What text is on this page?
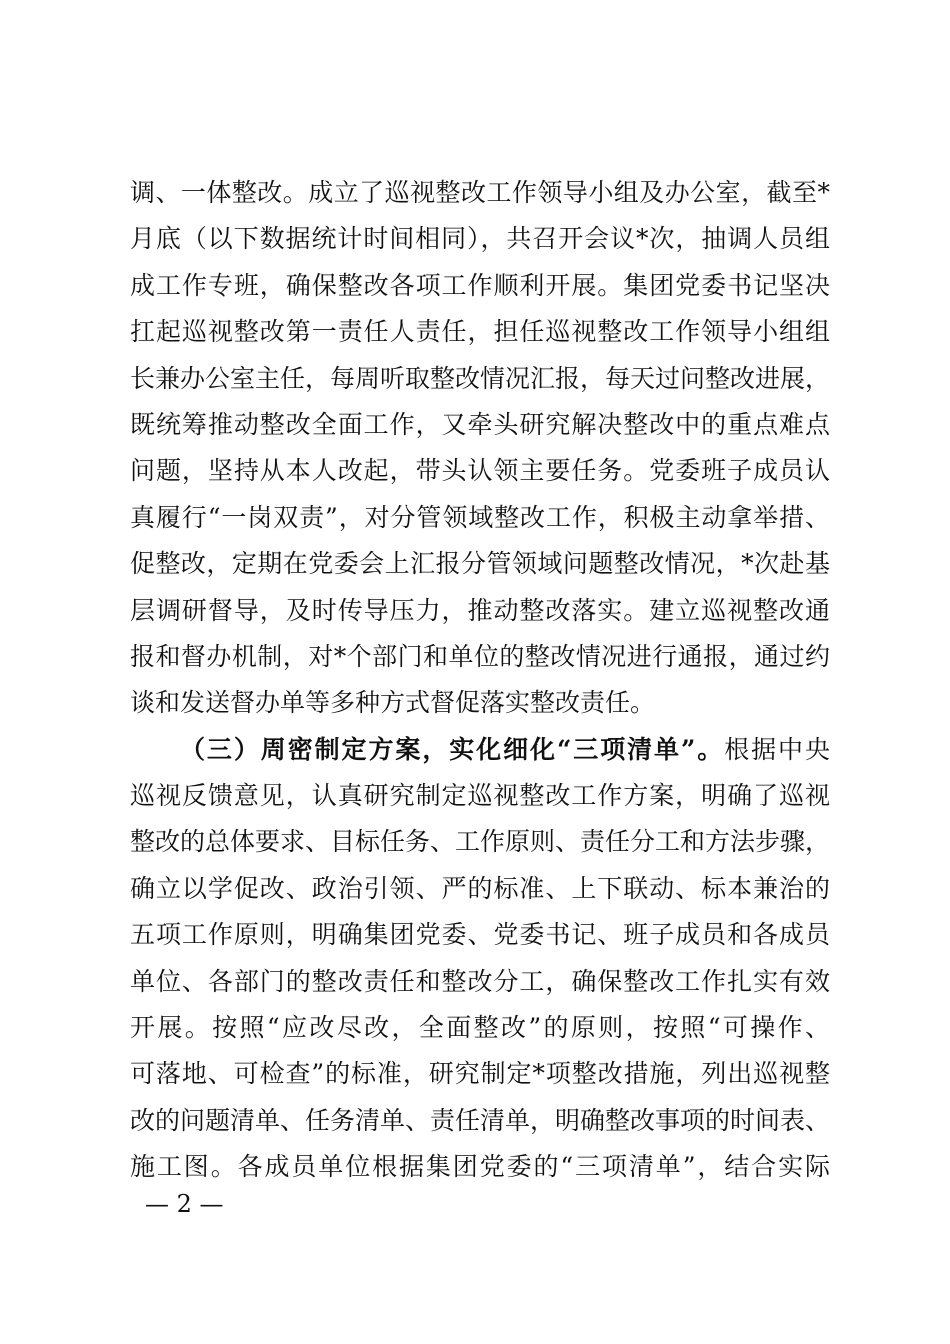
调、一体整改。成立了巡视整改工作领导小组及办公室，截至*
月底（以下数据统计时间相同），共召开会议*次，抽调人员组
成工作专班，确保整改各项工作顺利开展。集团党委书记坚决
扛起巡视整改第一责任人责任，担任巡视整改工作领导小组组
长兼办公室主任，每周听取整改情况汇报，每天过问整改进展，
既统筹推动整改全面工作，又牵头研究解决整改中的重点难点
问题，坚持从本人改起，带头认领主要任务。党委班子成员认
真履行“一岗双责”，对分管领域整改工作，积极主动拿举措、
促整改，定期在党委会上汇报分管领域问题整改情况，*次赴基
层调研督导，及时传导压力，推动整改落实。建立巡视整改通
报和督办机制，对*个部门和单位的整改情况进行通报，通过约
谈和发送督办单等多种方式督促落实整改责任。
（三）周密制定方案，实化细化“三项清单”。根据中央
巡视反馈意见，认真研究制定巡视整改工作方案，明确了巡视
整改的总体要求、目标任务、工作原则、责任分工和方法步骤，
确立以学促改、政治引领、严的标准、上下联动、标本兼治的
五项工作原则，明确集团党委、党委书记、班子成员和各成员
单位、各部门的整改责任和整改分工，确保整改工作扎实有效
开展。按照“应改尽改，全面整改”的原则，按照“可操作、
可落地、可检查”的标准，研究制定*项整改措施，列出巡视整
改的问题清单、任务清单、责任清单，明确整改事项的时间表、
施工图。各成员单位根据集团党委的“三项清单”，结合实际
— 2 —
